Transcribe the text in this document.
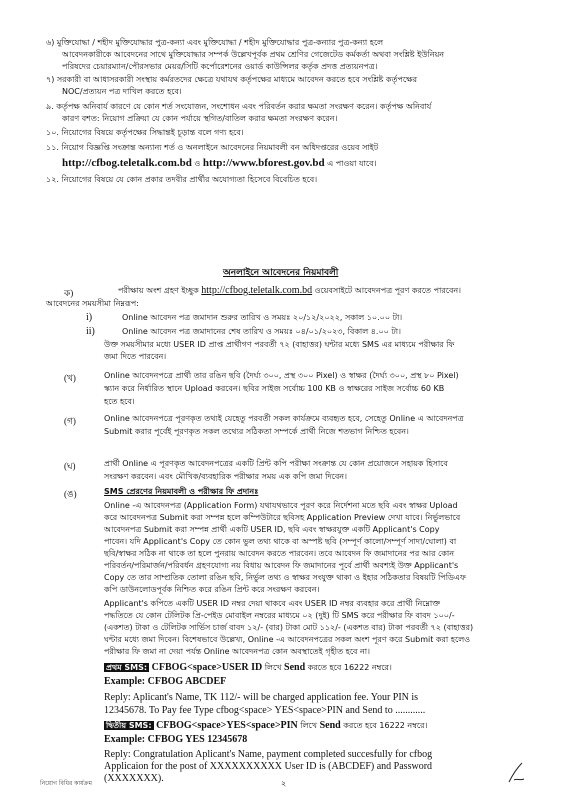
৬) মুক্তিযোদ্ধা / শহীদ মুক্তিযোদ্ধার পুত্র-কন্যা এবং মুক্তিযোদ্ধা / শহীদ মুক্তিযোদ্ধার পুত্র-কন্যার পুত্র-কন্যা হলে
আবেদনকারীকে আবেদনের সাথে মুক্তিযোদ্ধার সম্পর্ক উল্লেখপূর্বক প্রথম শ্রেণির গেজেটেড কর্মকর্তা অথবা সংশ্লিষ্ট ইউনিয়ন
পরিষদের চেয়ারম্যান/পৌরসভার মেয়র/সিটি কর্পোরেশনের ওয়ার্ড কাউন্সিলর কর্তৃক প্রদত্ত প্রত্যয়নপত্র।
৭) সরকারী বা আধাসরকারী সংস্থায় কর্মরতদের ক্ষেত্রে যথাযথ কর্তৃপক্ষের মাধ্যমে আবেদন করতে হবে সংশ্লিষ্ট কর্তৃপক্ষের
NOC/প্রত্যয়ন পত্র দাখিল করতে হবে।
৯. কর্তৃপক্ষ অনিবার্য কারণে যে কোন শর্ত সংযোজন, সংশোধন এবং পরিবর্তন করার ক্ষমতা সংরক্ষণ করেন। কর্তৃপক্ষ অনিবার্য
কারণ বশত: নিয়োগ প্রক্রিয়া যে কোন পর্যায়ে স্থগিত/বাতিল করার ক্ষমতা সংরক্ষণ করেন।
১০. নিয়োগের বিষয়ে কর্তৃপক্ষের সিদ্ধান্তই চূড়ান্ত বলে গণ্য হবে।
১১. নিয়োগ বিজ্ঞপ্তি সংক্রান্ত অন্যান্য শর্ত ও অনলাইনে আবেদনের নিয়মাবলী বন অধিদপ্তরের ওয়েব সাইট
http://cfbog.teletalk.com.bd ও http://www.bforest.gov.bd এ পাওয়া যাবে।
১২. নিয়োগের বিষয়ে যে কোন প্রকার তদবীর প্রার্থীর অযোগ্যতা হিসেবে বিবেচিত হবে।
অনলাইনে আবেদনের নিয়মাবলী
ক)	পরীক্ষায় অংশ গ্রহণ ইচ্ছুক http://cfbog.teletalk.com.bd ওয়েবসাইটে আবেদনপত্র পূরণ করতে পারবেন।
আবেদনের সময়সীমা নিম্নরূপ:
i)	Online আবেদন পত্র জমাদান শুরুর তারিখ ও সময়ঃ ২০/১২/২০২২, সকাল ১০.০০ টা।
ii)	Online আবেদন পত্র জমাদানের শেষ তারিখ ও সময়ঃ ০৪/০১/২০২৩, বিকাল ৪.০০ টা।
উক্ত সময়সীমার মধ্যে USER ID প্রাপ্ত প্রার্থীগণ পরবর্তী ৭২ (বাহাত্তর) ঘন্টার মধ্যে SMS এর মাধ্যমে পরীক্ষার ফি
জমা দিতে পারবেন।
(খ)	Online আবেদনপত্রে প্রার্থী তার রঙিন ছবি (দৈর্ঘ্য ৩০০, প্রস্থ ৩০০ Pixel) ও স্বাক্ষর (দৈর্ঘ্য ৩০০, প্রস্থ ৮০ Pixel)
স্ক্যান করে নির্ধারিত স্থানে Upload করবেন। ছবির সাইজ সর্বোচ্চ 100 KB ও স্বাক্ষরের সাইজ সর্বোচ্চ 60 KB
হতে হবে।
(গ)	Online আবেদনপত্রে পূরণকৃত তথ্যই যেহেতু পরবর্তী সকল কার্যক্রমে ব্যবহৃত হবে, সেহেতু Online এ আবেদনপত্র
Submit করার পূর্বেই পূরণকৃত সকল তথ্যের সঠিকতা সম্পর্কে প্রার্থী নিজে শতভাগ নিশ্চিত হবেন।
(ঘ)	প্রার্থী Online এ পূরণকৃত আবেদনপত্রের একটি প্রিন্ট কপি পরীক্ষা সংক্রান্ত যে কোন প্রয়োজনে সহায়ক হিসাবে
সংরক্ষণ করবেন। এবং মৌখিক/ব্যবহারিক পরীক্ষার সময় এক কপি জমা দিবেন।
(ঙ)	SMS প্রেরণের নিয়মাবলী ও পরীক্ষার ফি প্রদানঃ
Online -এ আবেদনপত্র (Application Form) যথাযথভাবে পূরণ করে নির্দেশনা মতে ছবি এবং স্বাক্ষর Upload
করে আবেদনপত্র Submit করা সম্পন্ন হলে কম্পিউটারে ছবিসহ Application Preview দেখা যাবে। নির্ভুলভাবে
আবেদনপত্র Submit করা সম্পন্ন প্রার্থী একটি USER ID, ছবি এবং স্বাক্ষরযুক্ত একটি Applicant's Copy
পাবেন। যদি Applicant's Copy তে কোন ভুল তথ্য থাকে বা অস্পষ্ট ছবি (সম্পূর্ণ কালো/সম্পূর্ণ সাদা/ঘোলা) বা
ছবি/স্বাক্ষর সঠিক না থাকে তা হলে পুনরায় আবেদন করতে পারবেন। তবে আবেদন ফি জমাদানের পর আর কোন
পরিবর্তন/পরিমার্জন/পরিবর্ধন গ্রহণযোগ্য নয় বিধায় আবেদন ফি জমাদানের পূর্বে প্রার্থী অবশ্যই উক্ত Applicant's
Copy তে তার সাম্প্রতিক তোলা রঙিন ছবি, নির্ভুল তথ্য ও স্বাক্ষর সংযুক্ত থাকা ও ইহার সঠিকতার বিষয়টি পিডিএফ
কপি ডাউনলোডপূর্বক নিশ্চিত করে রঙিন প্রিন্ট করে সংরক্ষণ করবেন।
Applicant's কপিতে একটি USER ID নম্বর দেয়া থাকবে এবং USER ID নম্বর ব্যবহার করে প্রার্থী নিম্নোক্ত
পদ্ধতিতে যে কোন টেলিটক প্রি-পেইড মোবাইল নম্বরের মাধ্যমে ০২ (দুই) টি SMS করে পরীক্ষার ফি বাবদ ১০০/-
(একশত) টাকা ও টেলিটক সার্ভিস চার্জ বাবদ ১২/- (বার) টাকা মোট ১১২/- (একশত বার) টাকা পরবর্তী ৭২ (বাহাত্তর)
ঘন্টার মধ্যে জমা দিবেন। বিশেষভাবে উল্লেখ্য, Online -এ আবেদনপত্রের সকল অংশ পূরণ করে Submit করা হলেও
পরীক্ষার ফি জমা না দেয়া পর্যন্ত Online আবেদনপত্র কোন অবস্থাতেই গৃহীত হবে না।
প্রথম SMS: CFBOG<space>USER ID লিখে Send করতে হবে 16222 নম্বরে।
Example: CFBOG ABCDEF
Reply: Aplicant's Name, TK 112/- will be charged application fee. Your PIN is
12345678. To Pay fee Type cfbog<space> YES<space>PIN and Send to ............
দ্বিতীয় SMS: CFBOG<space>YES<space>PIN লিখে Send করতে হবে 16222 নম্বরে।
Example: CFBOG YES 12345678
Reply: Congratulation Aplicant's Name, payment completed succesfully for cfbog
Applicaion for the post of XXXXXXXXXX User ID is (ABCDEF) and Password
(XXXXXXX).
নিয়োগ বিধির কার্যক্রম	২
